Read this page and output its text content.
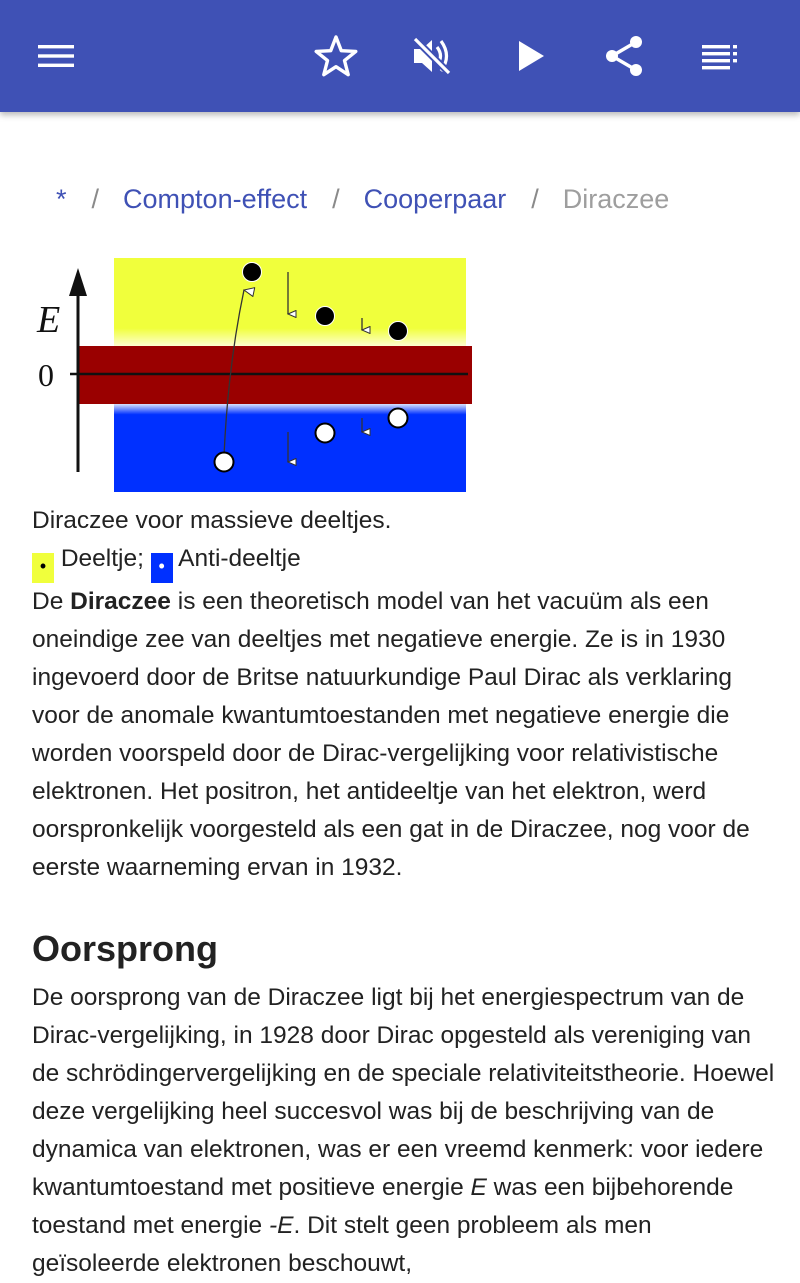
* / Compton-effect / Cooperpaar / Diraczee
E
0

Diraczee voor massieve deeltjes.

• Deeltje; • Anti-deeltje

De Diraczee is een theoretisch model van het vacuüm als een oneindige zee van deeltjes met negatieve energie. Ze is in 1930 ingevoerd door de Britse natuurkundige Paul Dirac als verklaring voor de anomale kwantumtoestanden met negatieve energie die worden voorspeld door de Dirac-vergelijking voor relativistische elektronen. Het positron, het antideeltje van het elektron, werd oorspronkelijk voorgesteld als een gat in de Diraczee, nog voor de eerste waarneming ervan in 1932.

Oorsprong

De oorsprong van de Diraczee ligt bij het energiespectrum van de Dirac-vergelijking, in 1928 door Dirac opgesteld als vereniging van de schrödingervergelijking en de speciale relativiteitstheorie. Hoewel deze vergelijking heel succesvol was bij de beschrijving van de dynamica van elektronen, was er een vreemd kenmerk: voor iedere kwantumtoestand met positieve energie E was een bijbehorende toestand met energie -E. Dit stelt geen probleem als men geïsoleerde elektronen beschouwt,
